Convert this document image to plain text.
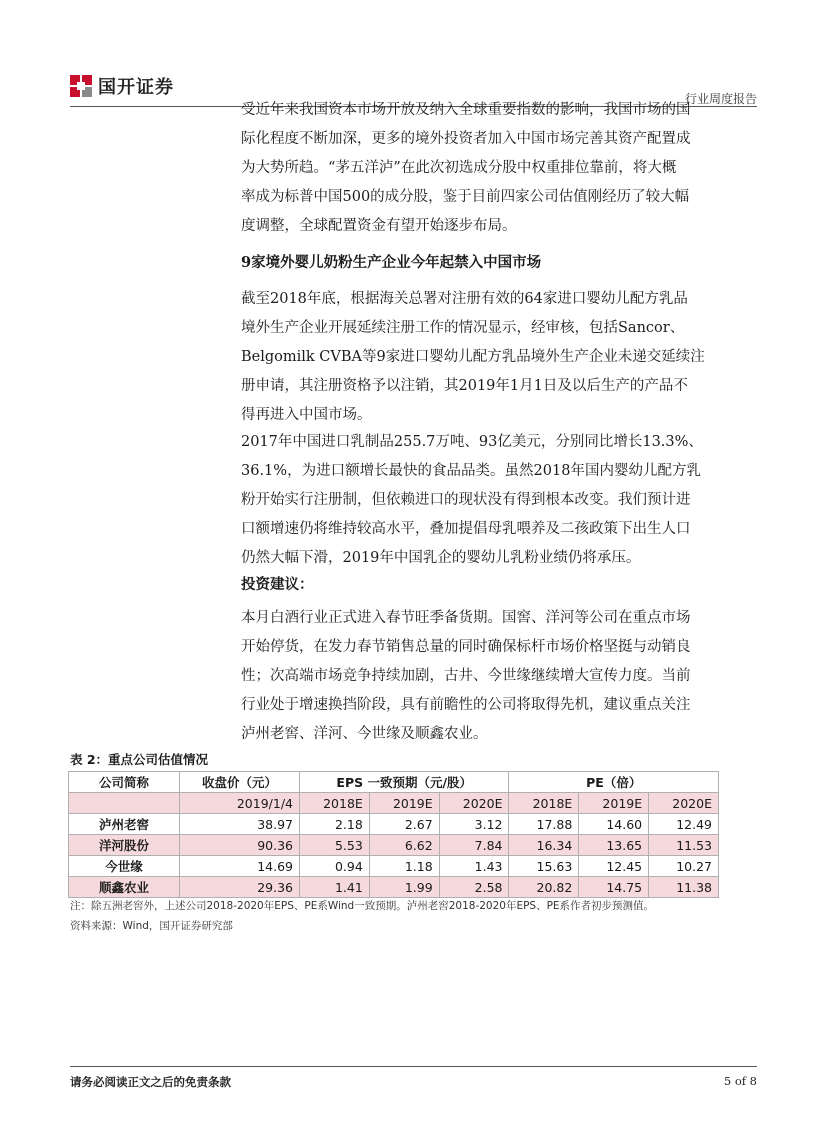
国开证券
行业周度报告
受近年来我国资本市场开放及纳入全球重要指数的影响，我国市场的国
际化程度不断加深，更多的境外投资者加入中国市场完善其资产配置成
为大势所趋。“茅五洋泸”在此次初选成分股中权重排位靠前，将大概
率成为标普中国500的成分股，鉴于目前四家公司估值刚经历了较大幅
度调整，全球配置资金有望开始逐步布局。
9家境外婴儿奶粉生产企业今年起禁入中国市场
截至2018年底，根据海关总署对注册有效的64家进口婴幼儿配方乳品
境外生产企业开展延续注册工作的情况显示，经审核，包括Sancor、
Belgomilk CVBA等9家进口婴幼儿配方乳品境外生产企业未递交延续注
册申请，其注册资格予以注销，其2019年1月1日及以后生产的产品不
得再进入中国市场。
2017年中国进口乳制品255.7万吨、93亿美元，分别同比增长13.3%、
36.1%，为进口额增长最快的食品品类。虽然2018年国内婴幼儿配方乳
粉开始实行注册制，但依赖进口的现状没有得到根本改变。我们预计进
口额增速仍将维持较高水平，叠加提倡母乳喂养及二孩政策下出生人口
仍然大幅下滑，2019年中国乳企的婴幼儿乳粉业绩仍将承压。
投资建议：
本月白酒行业正式进入春节旺季备货期。国窖、洋河等公司在重点市场
开始停货，在发力春节销售总量的同时确保标杆市场价格坚挺与动销良
性；次高端市场竞争持续加剧，古井、今世缘继续增大宣传力度。当前
行业处于增速换挡阶段，具有前瞻性的公司将取得先机，建议重点关注
泸州老窖、洋河、今世缘及顺鑫农业。
表 2：重点公司估值情况
公司简称	收盘价（元）	EPS 一致预期（元/股）			PE（倍）		
	2019/1/4	2018E	2019E	2020E	2018E	2019E	2020E
泸州老窖	38.97	2.18	2.67	3.12	17.88	14.60	12.49
洋河股份	90.36	5.53	6.62	7.84	16.34	13.65	11.53
今世缘	14.69	0.94	1.18	1.43	15.63	12.45	10.27
顺鑫农业	29.36	1.41	1.99	2.58	20.82	14.75	11.38
注：除五洲老窖外，上述公司2018-2020年EPS、PE系Wind一致预期。泸州老窖2018-2020年EPS、PE系作者初步预测值。
资料来源：Wind，国开证券研究部
请务必阅读正文之后的免责条款	5 of 8
